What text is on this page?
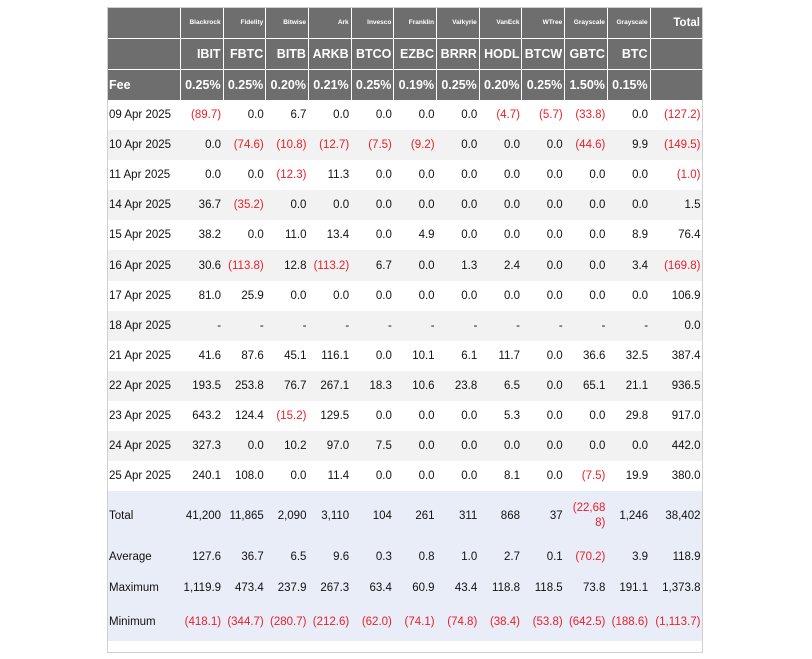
	Blackrock	Fidelity	Bitwise	Ark	Invesco	Franklin	Valkyrie	VanEck	WTree	Grayscale	Grayscale	Total
	IBIT	FBTC	BITB	ARKB	BTCO	EZBC	BRRR	HODL	BTCW	GBTC	BTC	
Fee	0.25%	0.25%	0.20%	0.21%	0.25%	0.19%	0.25%	0.20%	0.25%	1.50%	0.15%	
09 Apr 2025	(89.7)	0.0	6.7	0.0	0.0	0.0	0.0	(4.7)	(5.7)	(33.8)	0.0	(127.2)
10 Apr 2025	0.0	(74.6)	(10.8)	(12.7)	(7.5)	(9.2)	0.0	0.0	0.0	(44.6)	9.9	(149.5)
11 Apr 2025	0.0	0.0	(12.3)	11.3	0.0	0.0	0.0	0.0	0.0	0.0	0.0	(1.0)
14 Apr 2025	36.7	(35.2)	0.0	0.0	0.0	0.0	0.0	0.0	0.0	0.0	0.0	1.5
15 Apr 2025	38.2	0.0	11.0	13.4	0.0	4.9	0.0	0.0	0.0	0.0	8.9	76.4
16 Apr 2025	30.6	(113.8)	12.8	(113.2)	6.7	0.0	1.3	2.4	0.0	0.0	3.4	(169.8)
17 Apr 2025	81.0	25.9	0.0	0.0	0.0	0.0	0.0	0.0	0.0	0.0	0.0	106.9
18 Apr 2025	-	-	-	-	-	-	-	-	-	-	-	0.0
21 Apr 2025	41.6	87.6	45.1	116.1	0.0	10.1	6.1	11.7	0.0	36.6	32.5	387.4
22 Apr 2025	193.5	253.8	76.7	267.1	18.3	10.6	23.8	6.5	0.0	65.1	21.1	936.5
23 Apr 2025	643.2	124.4	(15.2)	129.5	0.0	0.0	0.0	5.3	0.0	0.0	29.8	917.0
24 Apr 2025	327.3	0.0	10.2	97.0	7.5	0.0	0.0	0.0	0.0	0.0	0.0	442.0
25 Apr 2025	240.1	108.0	0.0	11.4	0.0	0.0	0.0	8.1	0.0	(7.5)	19.9	380.0
Total	41,200	11,865	2,090	3,110	104	261	311	868	37	(22,688)	1,246	38,402
Average	127.6	36.7	6.5	9.6	0.3	0.8	1.0	2.7	0.1	(70.2)	3.9	118.9
Maximum	1,119.9	473.4	237.9	267.3	63.4	60.9	43.4	118.8	118.5	73.8	191.1	1,373.8
Minimum	(418.1)	(344.7)	(280.7)	(212.6)	(62.0)	(74.1)	(74.8)	(38.4)	(53.8)	(642.5)	(188.6)	(1,113.7)
